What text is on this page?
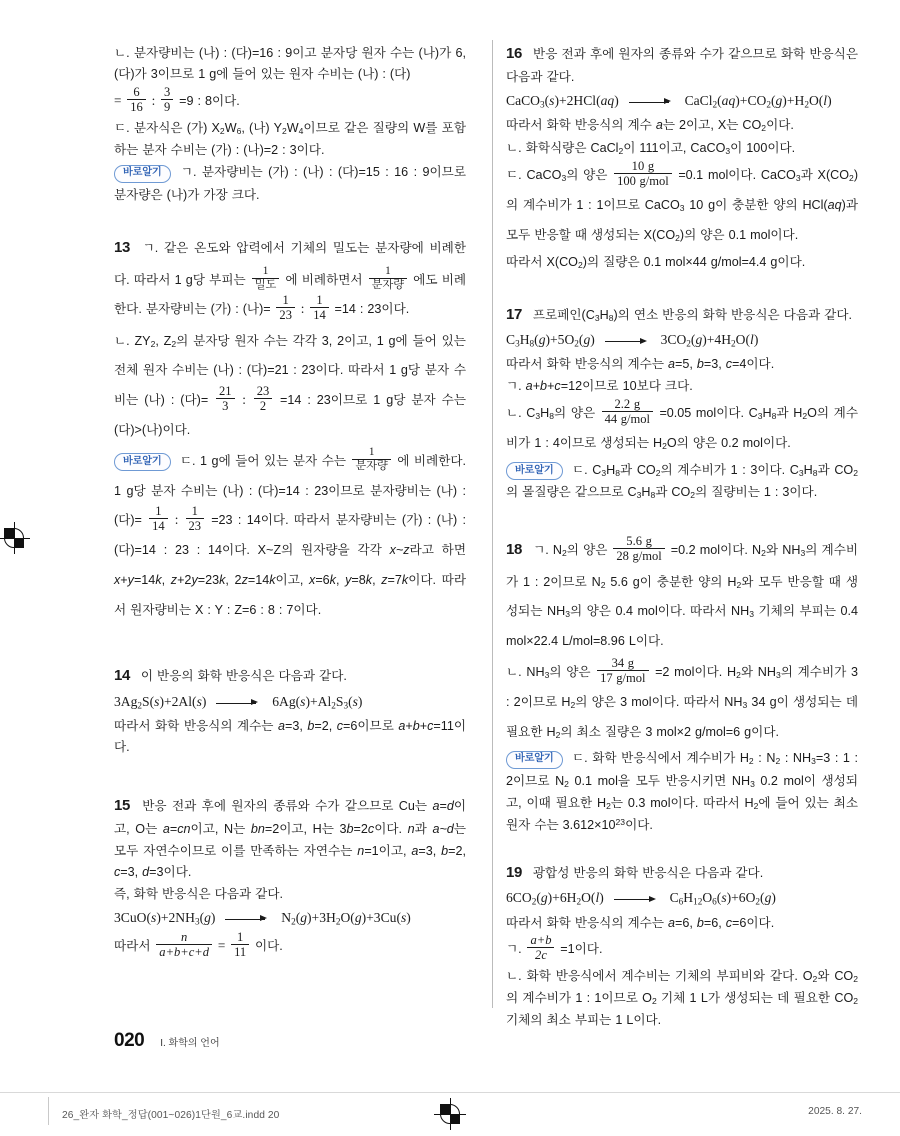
ㄴ. 분자량비는 (나) : (다)=16 : 9이고 분자당 원자 수는 (나)가 6, (다)가 3이므로 1 g에 들어 있는 원자 수비는 (나) : (다)

= $\frac{6}{16}$ : $\frac{3}{9} =9$ : 8이다.

ㄷ. 분자식은 (가) $X_2W_6$, (나) $Y_2W_4$이므로 같은 질량의 W를 포함하는 분자 수비는 (가) : (나)=2 : 3이다.

바로알기 ㄱ. 분자량비는 (가) : (나) : (다)=15 : 16 : 9이므로 분자량은 (나)가 가장 크다.

13 ㄱ. 같은 온도와 압력에서 기체의 밀도는 분자량에 비례한다. 따라서 1 g당 부피는 $\frac{1}{\text{밀도}}$ 에 비례하면서 $\frac{1}{\text{분자량}}$ 에도 비례한다. 분자량비는 (가) : (나)= $\frac{1}{23}$ : $\frac{1}{14} =14$ : 23이다.

ㄴ. $ZY_2$, $Z_2$의 분자당 원자 수는 각각 3, 2이고, 1 g에 들어 있는 전체 원자 수비는 (나) : (다)=21 : 23이다. 따라서 1 g당 분자 수비는 (나) : (다)= $\frac{21}{3}$ : $\frac{23}{2} =14$ : 23이므로 1 g당 분자 수는 (다)>(나)이다.

바로알기 ㄷ. 1 g에 들어 있는 분자 수는 $\frac{1}{\text{분자량}}$ 에 비례한다. 1 g당 분자 수비는 (나) : (다)=14 : 23이므로 분자량비는 (나) : (다)= $\frac{1}{14}$ : $\frac{1}{23} =23$ : 14이다. 따라서 분자량비는 (가) : (나) : (다)=14 : 23 : 14이다. X~Z의 원자량을 각각 x~z라고 하면 x+y=14k, z+2y=23k, 2z=14k이고, x=6k, y=8k, z=7k이다. 따라서 원자량비는 X : Y : Z=6 : 8 : 7이다.

14 이 반응의 화학 반응식은 다음과 같다.

$3Ag_2S(s)+2Al(s)$	$6Ag(s)+Al_2S_3(s)$

따라서 화학 반응식의 계수는 a=3, b=2, c=6이므로 a+b+c=11이다.

15 반응 전과 후에 원자의 종류와 수가 같으므로 Cu는 a=d이고, O는 a=cn이고, N는 bn=2이고, H는 3b=2c이다. n과 a~d는 모두 자연수이므로 이를 만족하는 자연수는 n=1이고, a=3, b=2, c=3, d=3이다.

즉, 화학 반응식은 다음과 같다.

$3CuO(s)+2NH_3(g)$	$N_2(g)+3H_2O(g)+3Cu(s)$

따라서 $\frac{n}{a+b+c+d} = \frac{1}{11}$ 이다.

16 반응 전과 후에 원자의 종류와 수가 같으므로 화학 반응식은 다음과 같다.

CaCO$_3$(s)+2HCl(aq)	$CaCl_2(aq)+CO_2(g)+H_2O(l)$

따라서 화학 반응식의 계수 a는 2이고, X는 $CO_2$이다.

ㄴ. 화학식량은 CaCl$_2$이 111이고, CaCO$_3$이 100이다.

ㄷ. CaCO$_3$의 양은 $\frac{10 g}{\text{100 g/mol}} =0.1$ mol이다. CaCO$_3$과 $X(CO_2)$의 계수비가 1 : 1이므로 CaCO$_3$ 10 g이 충분한 양의 HCl(aq)과 모두 반응할 때 생성되는 $X(CO_2)$의 양은 0.1 mol이다.

따라서 $X(CO_2)$의 질량은 0.1 mol×44 g/mol=4.4 g이다.

17 프로페인$(C_3H_8)$의 연소 반응의 화학 반응식은 다음과 같다.

$C_3H_8(g)+5O_2(g)$	$3CO_2(g)+4H_2O(l)$

따라서 화학 반응식의 계수는 a=5, b=3, c=4이다.

ㄱ. a+b+c=12이므로 10보다 크다.

ㄴ. $C_3H_8$의 양은 $\frac{2.2 g}{\text{44 g/mol}} =0.05$ mol이다. $C_3H_8$과 $H_2O$의 계수비가 1 : 4이므로 생성되는 $H_2O$의 양은 0.2 mol이다.

바로알기 ㄷ. $C_3H_8$과 $CO_2$의 계수비가 1 : 3이다. $C_3H_8$과 $CO_2$의 몰질량은 같으므로 $C_3H_8$과 $CO_2$의 질량비는 1 : 3이다.

18 ㄱ. $N_2$의 양은 $\frac{5.6 g}{\text{28 g/mol}} =0.2$ mol이다. $N_2$와 $NH_3$의 계수비가 1 : 2이므로 $N_2$ 5.6 g이 충분한 양의 $H_2$와 모두 반응할 때 생성되는 $NH_3$의 양은 0.4 mol이다. 따라서 $NH_3$ 기체의 부피는 0.4 mol×22.4 L/mol=8.96 L이다.

ㄴ. $NH_3$의 양은 $\frac{34 g}{\text{17 g/mol}} =2$ mol이다. $H_2$와 $NH_3$의 계수비가 3 : 2이므로 $H_2$의 양은 3 mol이다. 따라서 $NH_3$ 34 g이 생성되는 데 필요한 $H_2$의 최소 질량은 3 mol×2 g/mol=6 g이다.

바로알기 ㄷ. 화학 반응식에서 계수비가 $H_2$ : $N_2$ : $NH_3=3$ : 1 : 2이므로 $N_2$ 0.1 mol을 모두 반응시키면 $NH_3$ 0.2 mol이 생성되고, 이때 필요한 $H_2$는 0.3 mol이다. 따라서 $H_2$에 들어 있는 최소 원자 수는 $3.612\times 10^{23}$이다.

19 광합성 반응의 화학 반응식은 다음과 같다.

$6CO_2(g)+6H_2O(l)$	$C_6H_{12}O_6(s)+6O_2(g)$

따라서 화학 반응식의 계수는 a=6, b=6, c=6이다.

ㄱ. $\frac{a+b}{2c} =1$이다.

ㄴ. 화학 반응식에서 계수비는 기체의 부피비와 같다. $O_2$와 $CO_2$의 계수비가 1 : 1이므로 $O_2$ 기체 1 L가 생성되는 데 필요한 $CO_2$ 기체의 최소 부피는 1 L이다.

020 I. 화학의 언어
26_완자 화학_정답(001~026)1단원_6교.indd 20	2025. 8. 27.
